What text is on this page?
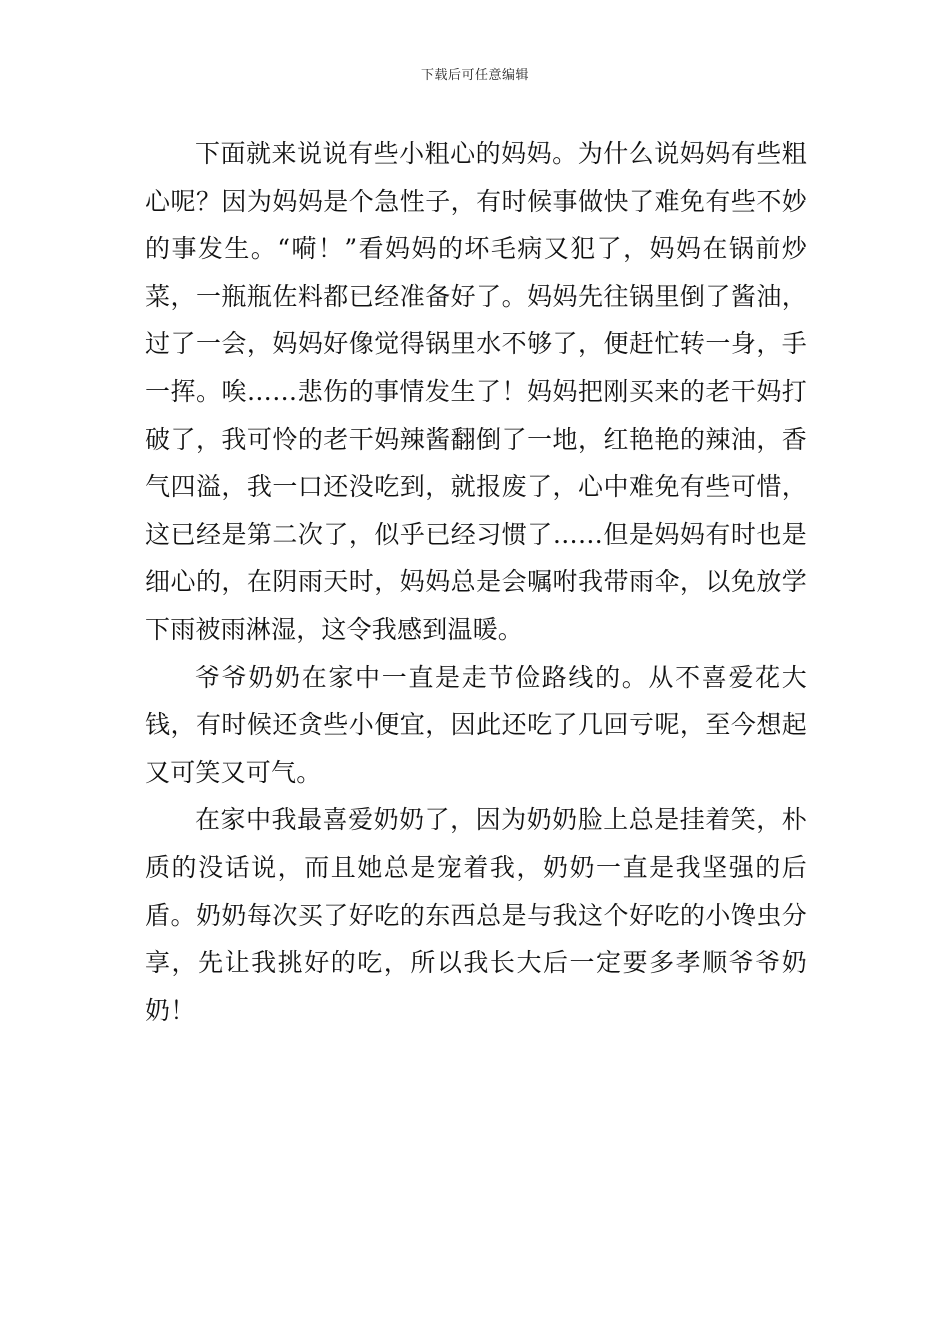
下载后可任意编辑

下面就来说说有些小粗心的妈妈。为什么说妈妈有些粗心呢？因为妈妈是个急性子，有时候事做快了难免有些不妙的事发生。“嗬！”看妈妈的坏毛病又犯了，妈妈在锅前炒菜，一瓶瓶佐料都已经准备好了。妈妈先往锅里倒了酱油，过了一会，妈妈好像觉得锅里水不够了，便赶忙转一身，手一挥。唉……悲伤的事情发生了！妈妈把刚买来的老干妈打破了，我可怜的老干妈辣酱翻倒了一地，红艳艳的辣油，香气四溢，我一口还没吃到，就报废了，心中难免有些可惜，这已经是第二次了，似乎已经习惯了……但是妈妈有时也是细心的，在阴雨天时，妈妈总是会嘱咐我带雨伞，以免放学下雨被雨淋湿，这令我感到温暖。

爷爷奶奶在家中一直是走节俭路线的。从不喜爱花大钱，有时候还贪些小便宜，因此还吃了几回亏呢，至今想起又可笑又可气。

在家中我最喜爱奶奶了，因为奶奶脸上总是挂着笑，朴质的没话说，而且她总是宠着我，奶奶一直是我坚强的后盾。奶奶每次买了好吃的东西总是与我这个好吃的小馋虫分享，先让我挑好的吃，所以我长大后一定要多孝顺爷爷奶奶！
